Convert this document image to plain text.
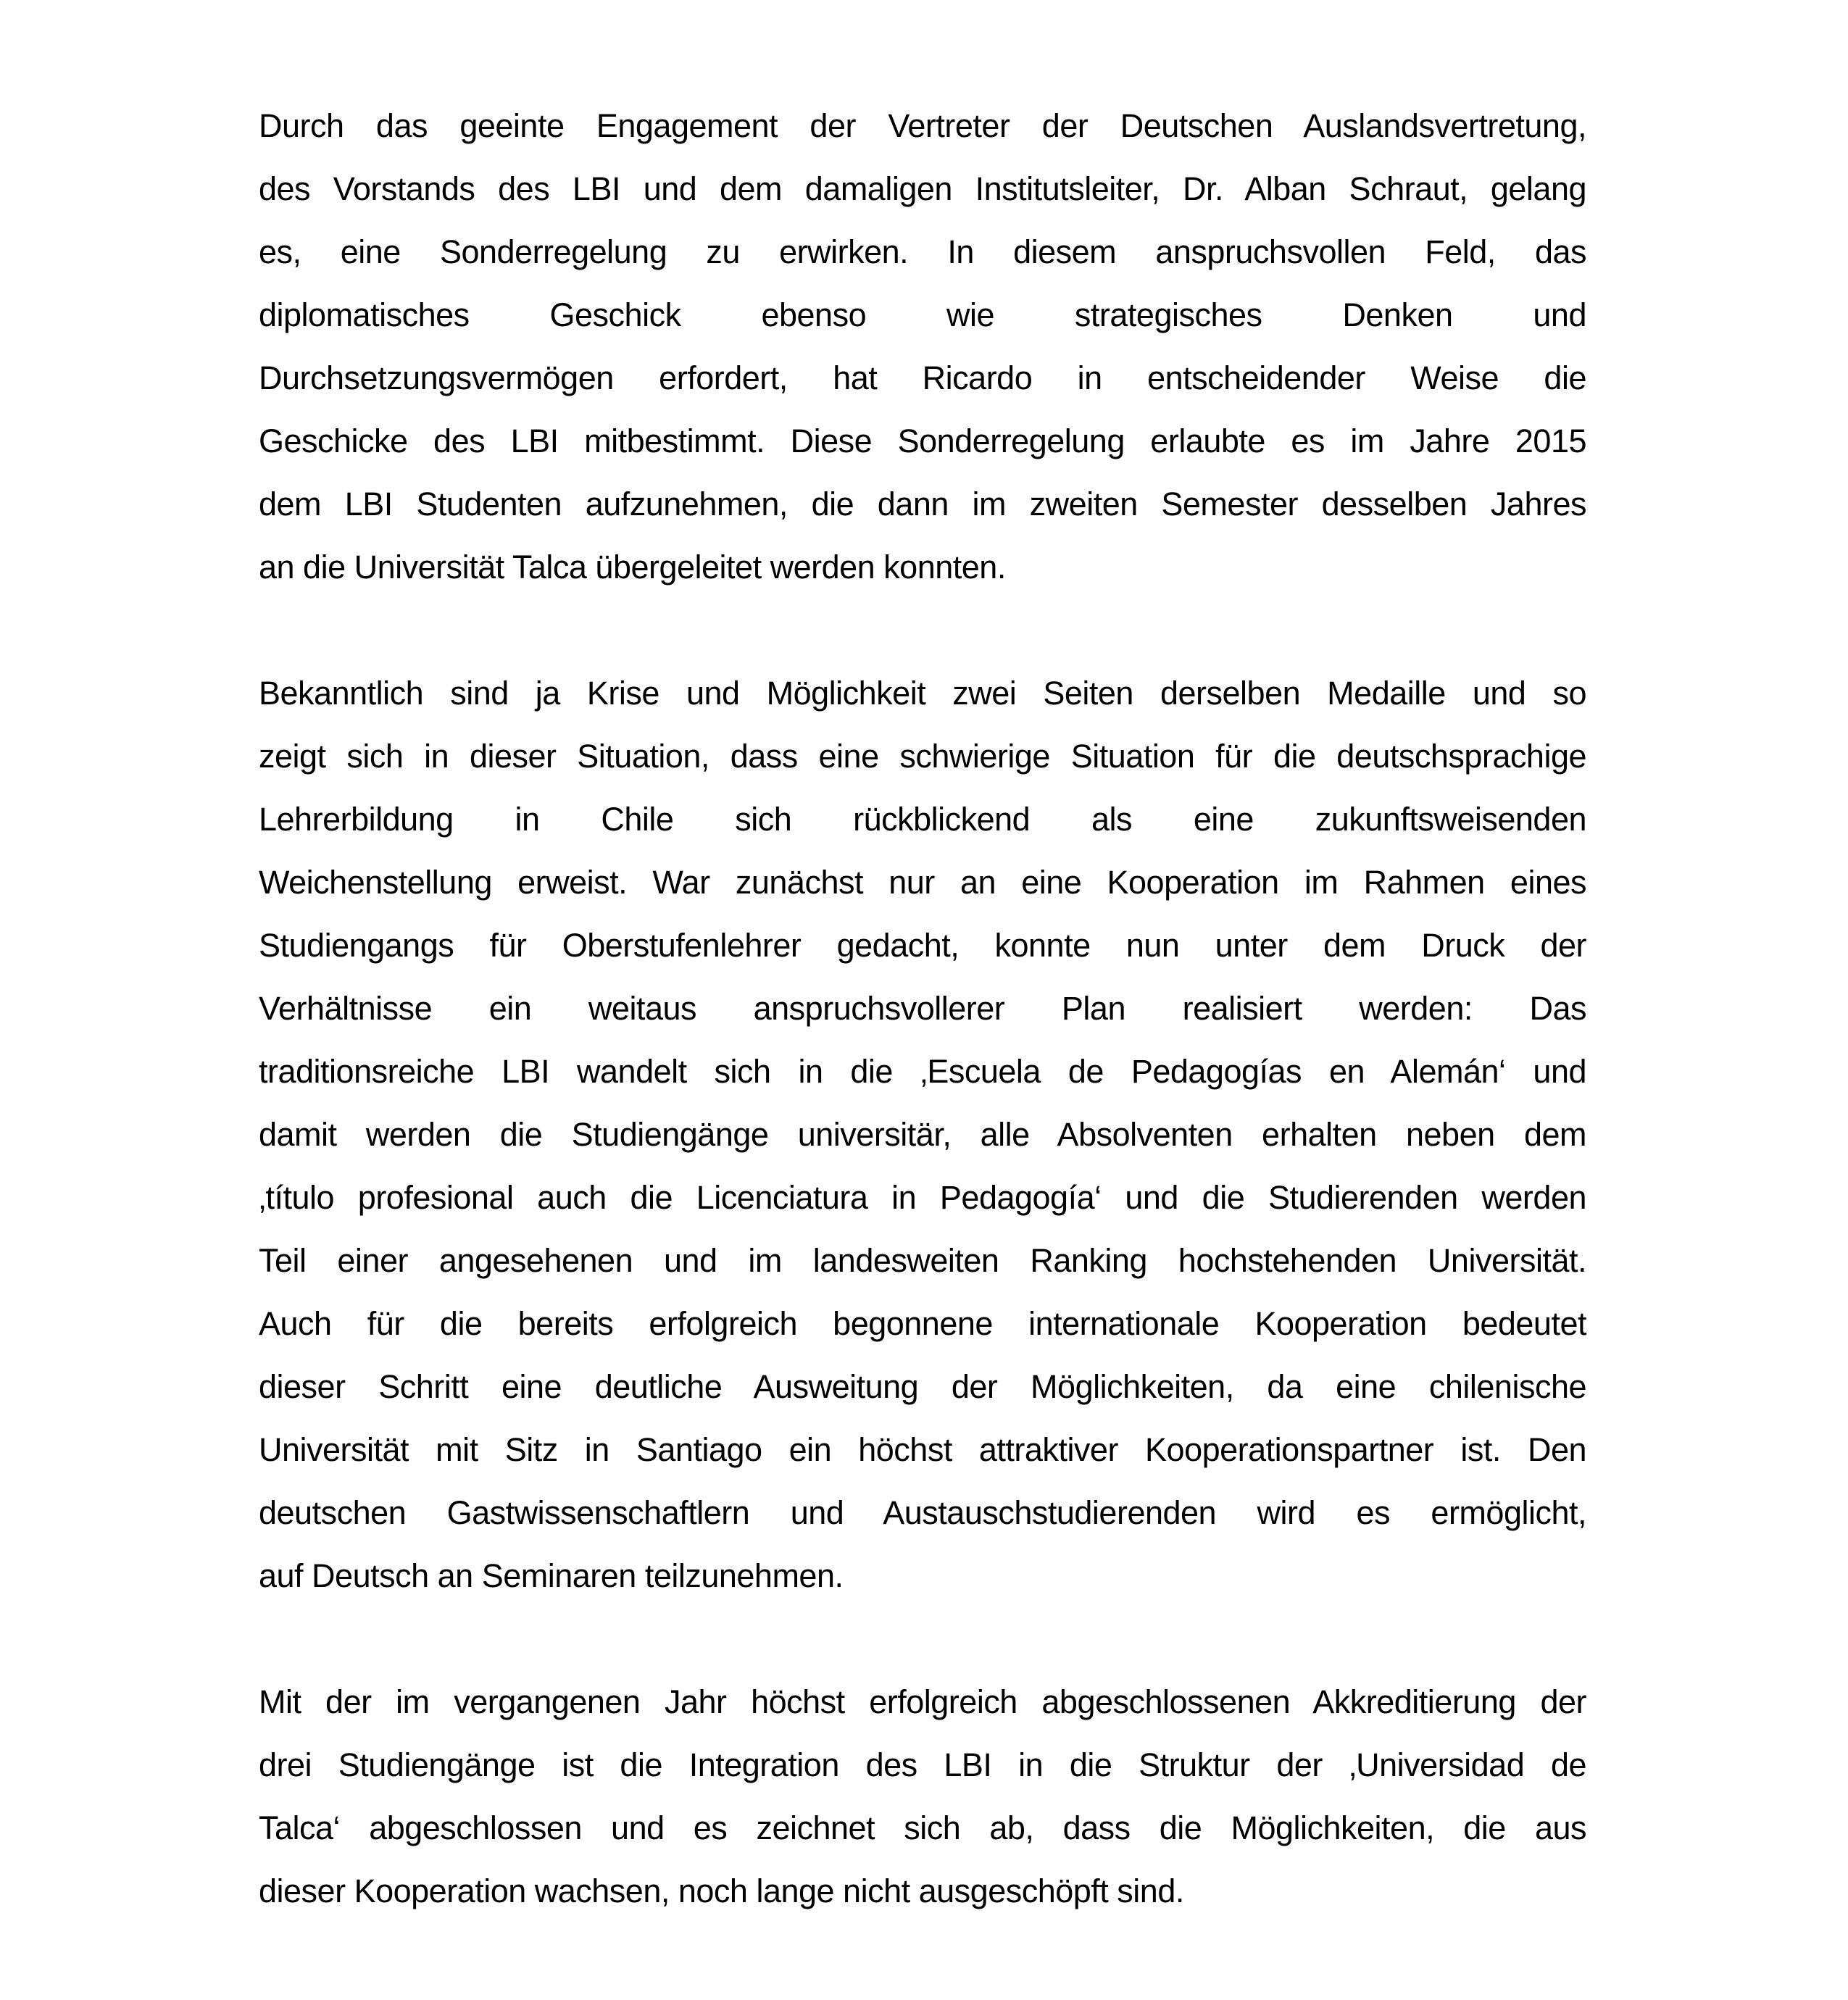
Durch das geeinte Engagement der Vertreter der Deutschen Auslandsvertretung,
des Vorstands des LBI und dem damaligen Institutsleiter, Dr. Alban Schraut, gelang
es, eine Sonderregelung zu erwirken. In diesem anspruchsvollen Feld, das
diplomatisches Geschick ebenso wie strategisches Denken und
Durchsetzungsvermögen erfordert, hat Ricardo in entscheidender Weise die
Geschicke des LBI mitbestimmt. Diese Sonderregelung erlaubte es im Jahre 2015
dem LBI Studenten aufzunehmen, die dann im zweiten Semester desselben Jahres
an die Universität Talca übergeleitet werden konnten.
Bekanntlich sind ja Krise und Möglichkeit zwei Seiten derselben Medaille und so
zeigt sich in dieser Situation, dass eine schwierige Situation für die deutschsprachige
Lehrerbildung in Chile sich rückblickend als eine zukunftsweisenden
Weichenstellung erweist. War zunächst nur an eine Kooperation im Rahmen eines
Studiengangs für Oberstufenlehrer gedacht, konnte nun unter dem Druck der
Verhältnisse ein weitaus anspruchsvollerer Plan realisiert werden: Das
traditionsreiche LBI wandelt sich in die ‚Escuela de Pedagogías en Alemán‘ und
damit werden die Studiengänge universitär, alle Absolventen erhalten neben dem
‚título profesional auch die Licenciatura in Pedagogía‘ und die Studierenden werden
Teil einer angesehenen und im landesweiten Ranking hochstehenden Universität.
Auch für die bereits erfolgreich begonnene internationale Kooperation bedeutet
dieser Schritt eine deutliche Ausweitung der Möglichkeiten, da eine chilenische
Universität mit Sitz in Santiago ein höchst attraktiver Kooperationspartner ist. Den
deutschen Gastwissenschaftlern und Austauschstudierenden wird es ermöglicht,
auf Deutsch an Seminaren teilzunehmen.
Mit der im vergangenen Jahr höchst erfolgreich abgeschlossenen Akkreditierung der
drei Studiengänge ist die Integration des LBI in die Struktur der ‚Universidad de
Talca‘ abgeschlossen und es zeichnet sich ab, dass die Möglichkeiten, die aus
dieser Kooperation wachsen, noch lange nicht ausgeschöpft sind.
